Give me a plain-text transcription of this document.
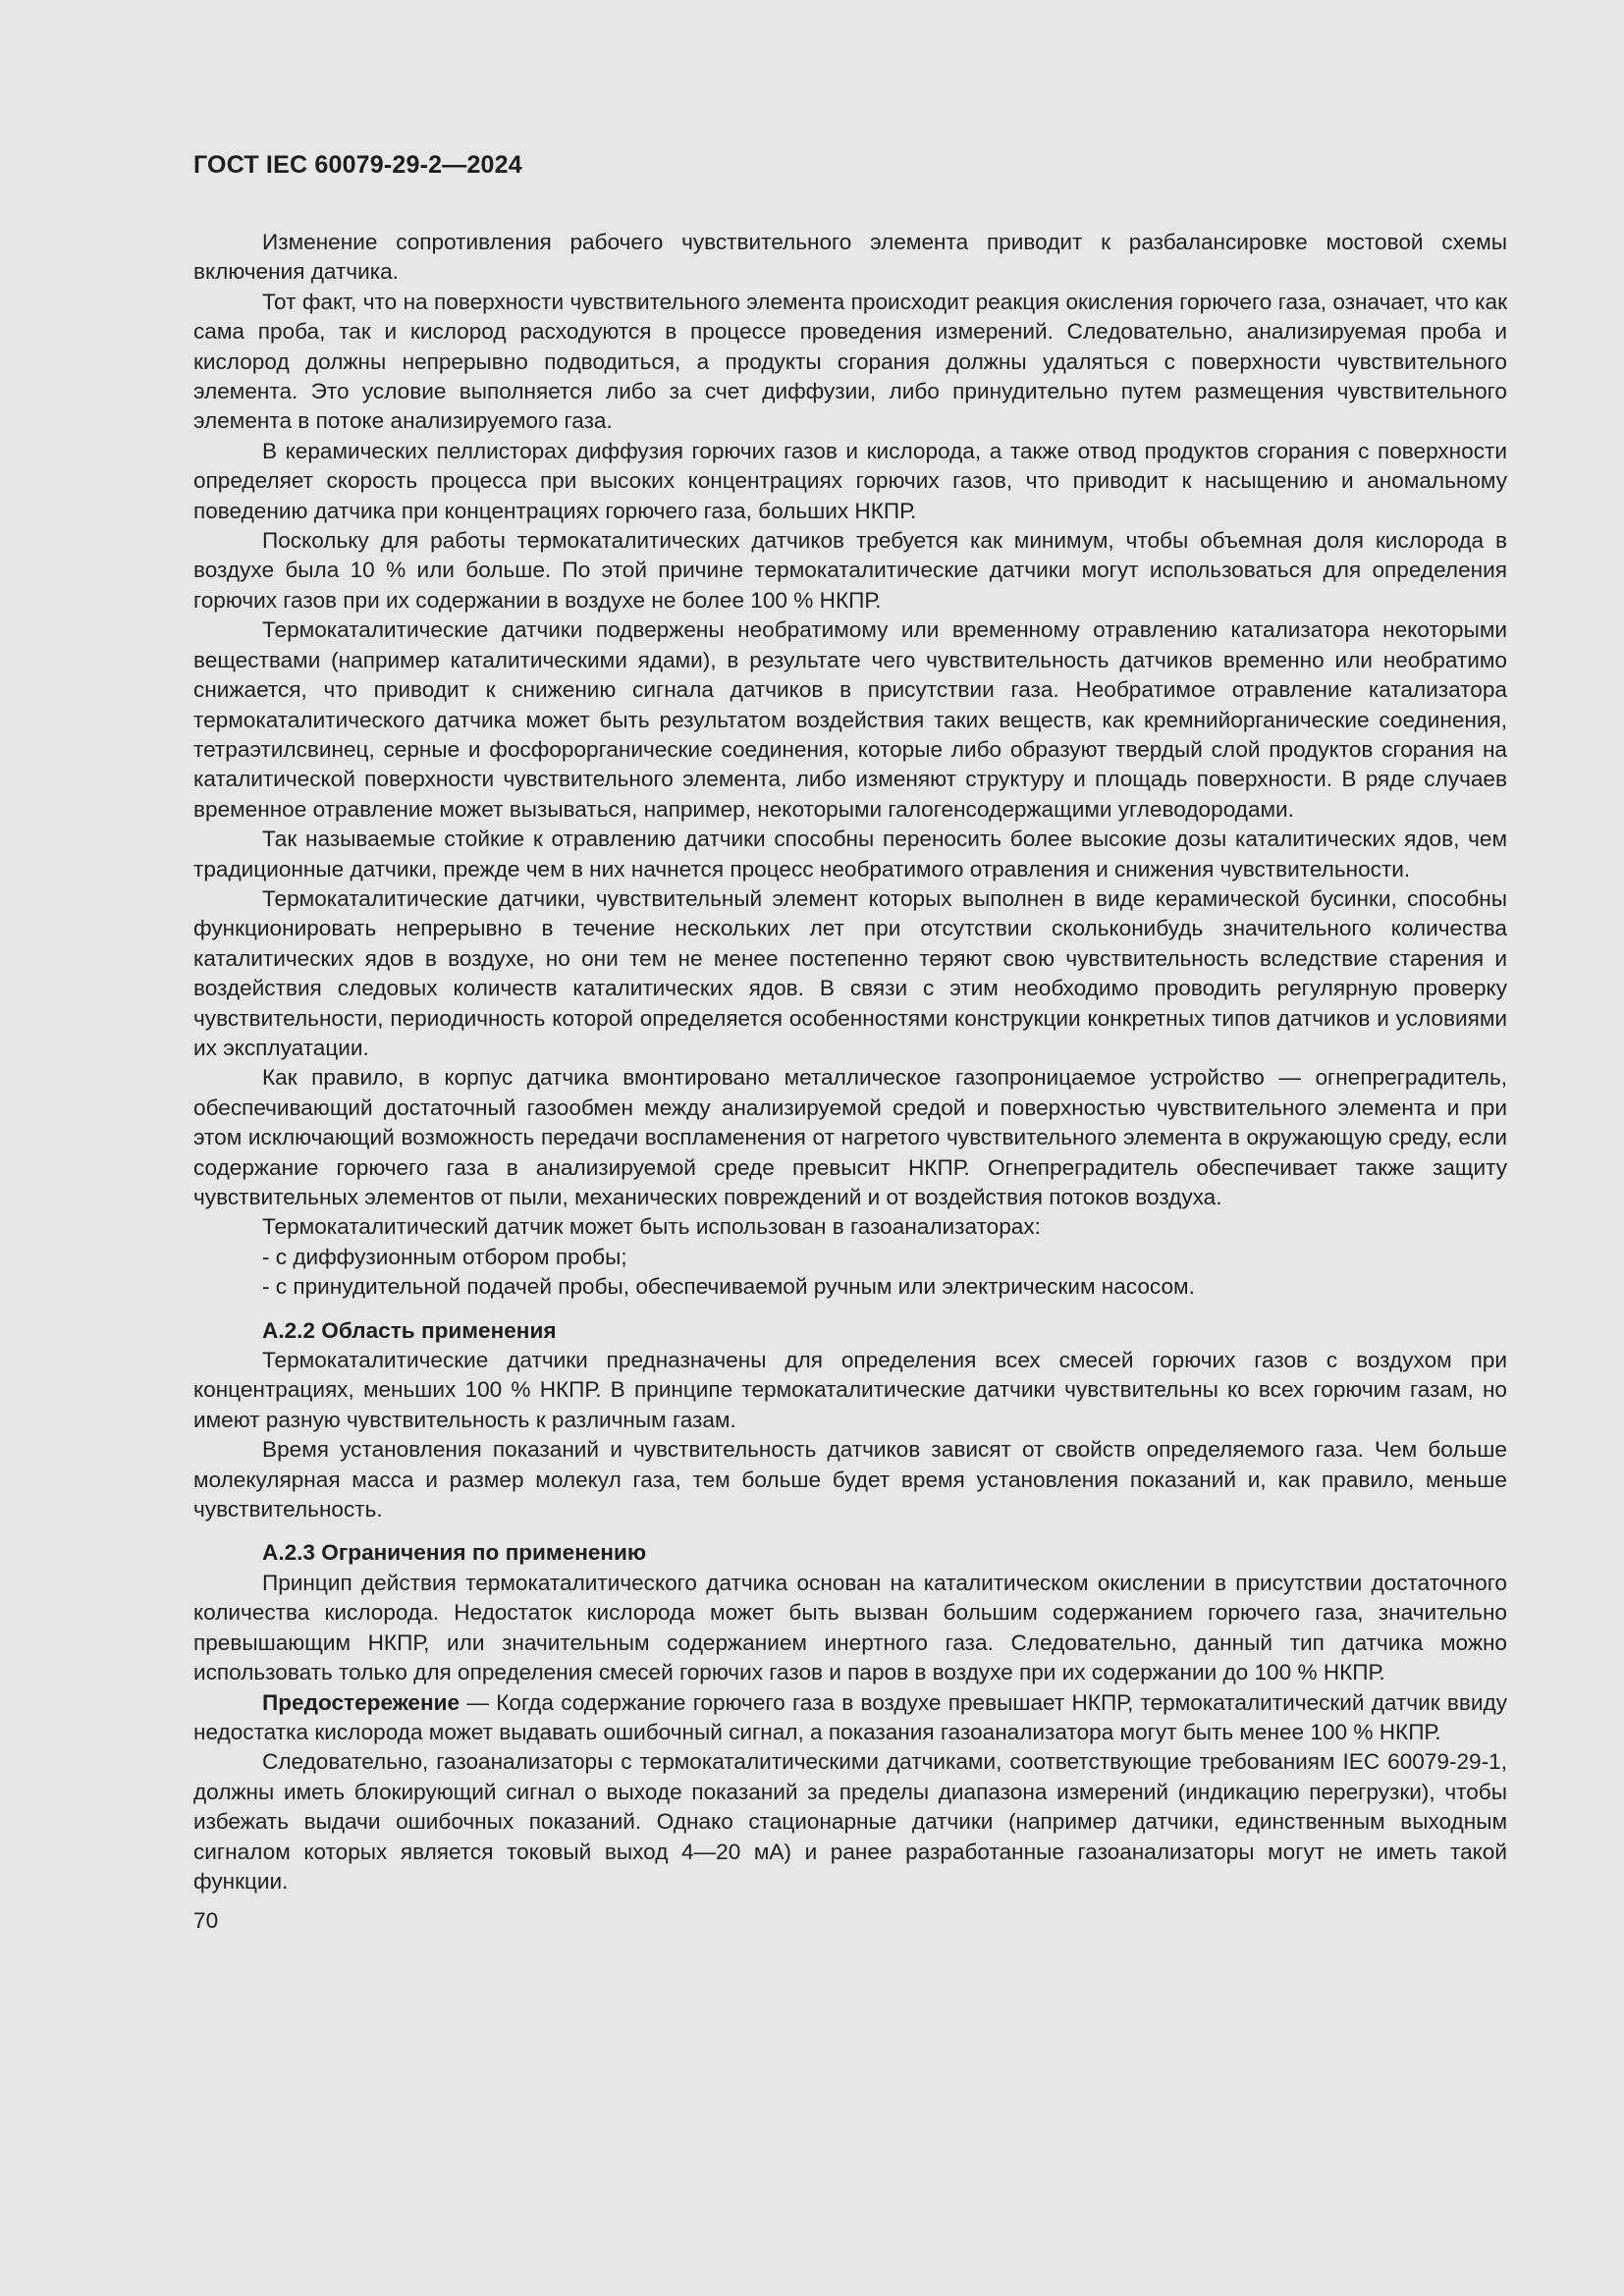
ГОСТ IEC 60079-29-2—2024

Изменение сопротивления рабочего чувствительного элемента приводит к разбалансировке мостовой схемы включения датчика.

Тот факт, что на поверхности чувствительного элемента происходит реакция окисления горючего газа, означает, что как сама проба, так и кислород расходуются в процессе проведения измерений. Следовательно, анализируемая проба и кислород должны непрерывно подводиться, а продукты сгорания должны удаляться с поверхности чувствительного элемента. Это условие выполняется либо за счет диффузии, либо принудительно путем размещения чувствительного элемента в потоке анализируемого газа.

В керамических пеллисторах диффузия горючих газов и кислорода, а также отвод продуктов сгорания с поверхности определяет скорость процесса при высоких концентрациях горючих газов, что приводит к насыщению и аномальному поведению датчика при концентрациях горючего газа, больших НКПР.

Поскольку для работы термокаталитических датчиков требуется как минимум, чтобы объемная доля кислорода в воздухе была 10 % или больше. По этой причине термокаталитические датчики могут использоваться для определения горючих газов при их содержании в воздухе не более 100 % НКПР.

Термокаталитические датчики подвержены необратимому или временному отравлению катализатора некоторыми веществами (например каталитическими ядами), в результате чего чувствительность датчиков временно или необратимо снижается, что приводит к снижению сигнала датчиков в присутствии газа. Необратимое отравление катализатора термокаталитического датчика может быть результатом воздействия таких веществ, как кремнийорганические соединения, тетраэтилсвинец, серные и фосфорорганические соединения, которые либо образуют твердый слой продуктов сгорания на каталитической поверхности чувствительного элемента, либо изменяют структуру и площадь поверхности. В ряде случаев временное отравление может вызываться, например, некоторыми галогенсодержащими углеводородами.

Так называемые стойкие к отравлению датчики способны переносить более высокие дозы каталитических ядов, чем традиционные датчики, прежде чем в них начнется процесс необратимого отравления и снижения чувствительности.

Термокаталитические датчики, чувствительный элемент которых выполнен в виде керамической бусинки, способны функционировать непрерывно в течение нескольких лет при отсутствии скольконибудь значительного количества каталитических ядов в воздухе, но они тем не менее постепенно теряют свою чувствительность вследствие старения и воздействия следовых количеств каталитических ядов. В связи с этим необходимо проводить регулярную проверку чувствительности, периодичность которой определяется особенностями конструкции конкретных типов датчиков и условиями их эксплуатации.

Как правило, в корпус датчика вмонтировано металлическое газопроницаемое устройство — огнепреградитель, обеспечивающий достаточный газообмен между анализируемой средой и поверхностью чувствительного элемента и при этом исключающий возможность передачи воспламенения от нагретого чувствительного элемента в окружающую среду, если содержание горючего газа в анализируемой среде превысит НКПР. Огнепреградитель обеспечивает также защиту чувствительных элементов от пыли, механических повреждений и от воздействия потоков воздуха.

Термокаталитический датчик может быть использован в газоанализаторах:

- с диффузионным отбором пробы;
- с принудительной подачей пробы, обеспечиваемой ручным или электрическим насосом.
А.2.2 Область применения

Термокаталитические датчики предназначены для определения всех смесей горючих газов с воздухом при концентрациях, меньших 100 % НКПР. В принципе термокаталитические датчики чувствительны ко всех горючим газам, но имеют разную чувствительность к различным газам.

Время установления показаний и чувствительность датчиков зависят от свойств определяемого газа. Чем больше молекулярная масса и размер молекул газа, тем больше будет время установления показаний и, как правило, меньше чувствительность.

А.2.3 Ограничения по применению

Принцип действия термокаталитического датчика основан на каталитическом окислении в присутствии достаточного количества кислорода. Недостаток кислорода может быть вызван большим содержанием горючего газа, значительно превышающим НКПР, или значительным содержанием инертного газа. Следовательно, данный тип датчика можно использовать только для определения смесей горючих газов и паров в воздухе при их содержании до 100 % НКПР.

Предостережение — Когда содержание горючего газа в воздухе превышает НКПР, термокаталитический датчик ввиду недостатка кислорода может выдавать ошибочный сигнал, а показания газоанализатора могут быть менее 100 % НКПР.

Следовательно, газоанализаторы с термокаталитическими датчиками, соответствующие требованиям IEC 60079-29-1, должны иметь блокирующий сигнал о выходе показаний за пределы диапазона измерений (индикацию перегрузки), чтобы избежать выдачи ошибочных показаний. Однако стационарные датчики (например датчики, единственным выходным сигналом которых является токовый выход 4—20 мА) и ранее разработанные газоанализаторы могут не иметь такой функции.

70
